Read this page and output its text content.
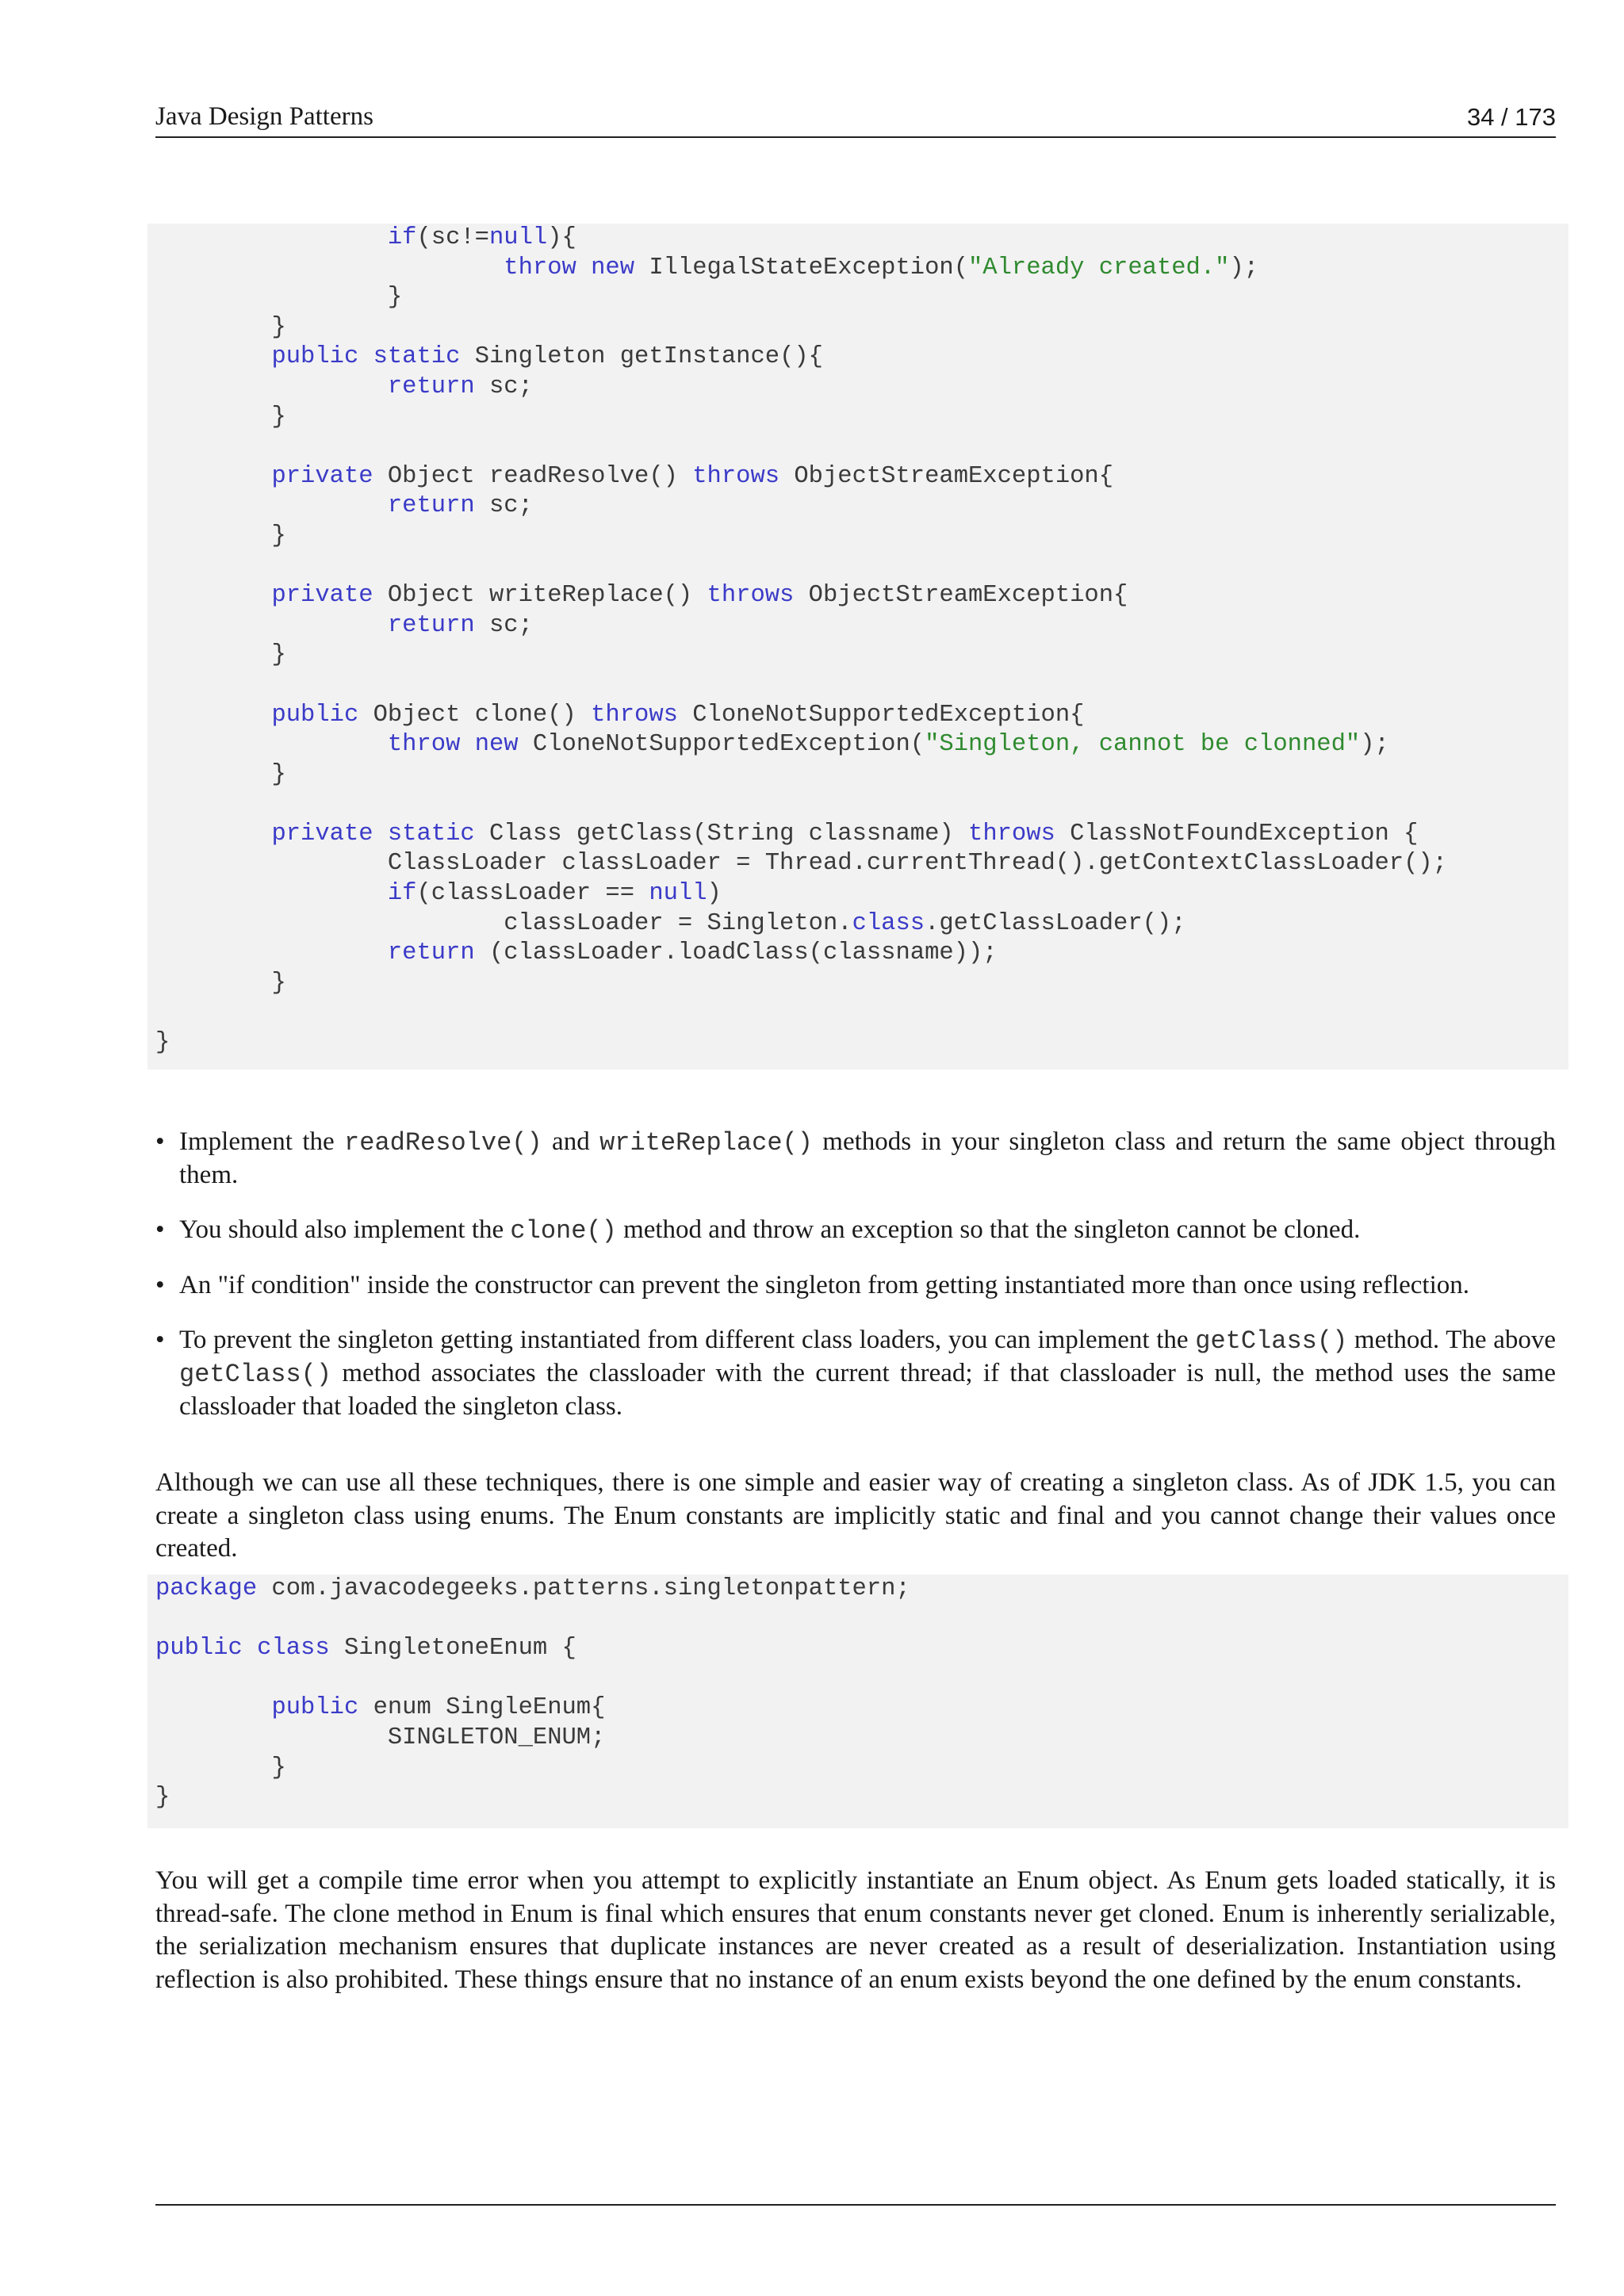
Java Design Patterns	34 / 173
		if(sc!=null){
			throw new IllegalStateException("Already created.");
		}
	}
	public static Singleton getInstance(){
		return sc;
	}
	private Object readResolve() throws ObjectStreamException{
		return sc;
	}
	private Object writeReplace() throws ObjectStreamException{
		return sc;
	}
	public Object clone() throws CloneNotSupportedException{
		throw new CloneNotSupportedException("Singleton, cannot be clonned");
	}
	private static Class getClass(String classname) throws ClassNotFoundException {
		ClassLoader classLoader = Thread.currentThread().getContextClassLoader();
		if(classLoader == null)
			classLoader = Singleton.class.getClassLoader();
		return (classLoader.loadClass(classname));
	}
}
• Implement the readResolve() and writeReplace() methods in your singleton class and return the same object through them.
• You should also implement the clone() method and throw an exception so that the singleton cannot be cloned.
• An "if condition" inside the constructor can prevent the singleton from getting instantiated more than once using reflection.
• To prevent the singleton getting instantiated from different class loaders, you can implement the getClass() method. The above getClass() method associates the classloader with the current thread; if that classloader is null, the method uses the same classloader that loaded the singleton class.

Although we can use all these techniques, there is one simple and easier way of creating a singleton class. As of JDK 1.5, you can create a singleton class using enums. The Enum constants are implicitly static and final and you cannot change their values once created.

package com.javacodegeeks.patterns.singletonpattern;
public class SingletoneEnum {
	public enum SingleEnum{
		SINGLETON_ENUM;
	}
}

You will get a compile time error when you attempt to explicitly instantiate an Enum object. As Enum gets loaded statically, it is thread-safe. The clone method in Enum is final which ensures that enum constants never get cloned. Enum is inherently serializable, the serialization mechanism ensures that duplicate instances are never created as a result of deserialization. Instantiation using reflection is also prohibited. These things ensure that no instance of an enum exists beyond the one defined by the enum constants.
